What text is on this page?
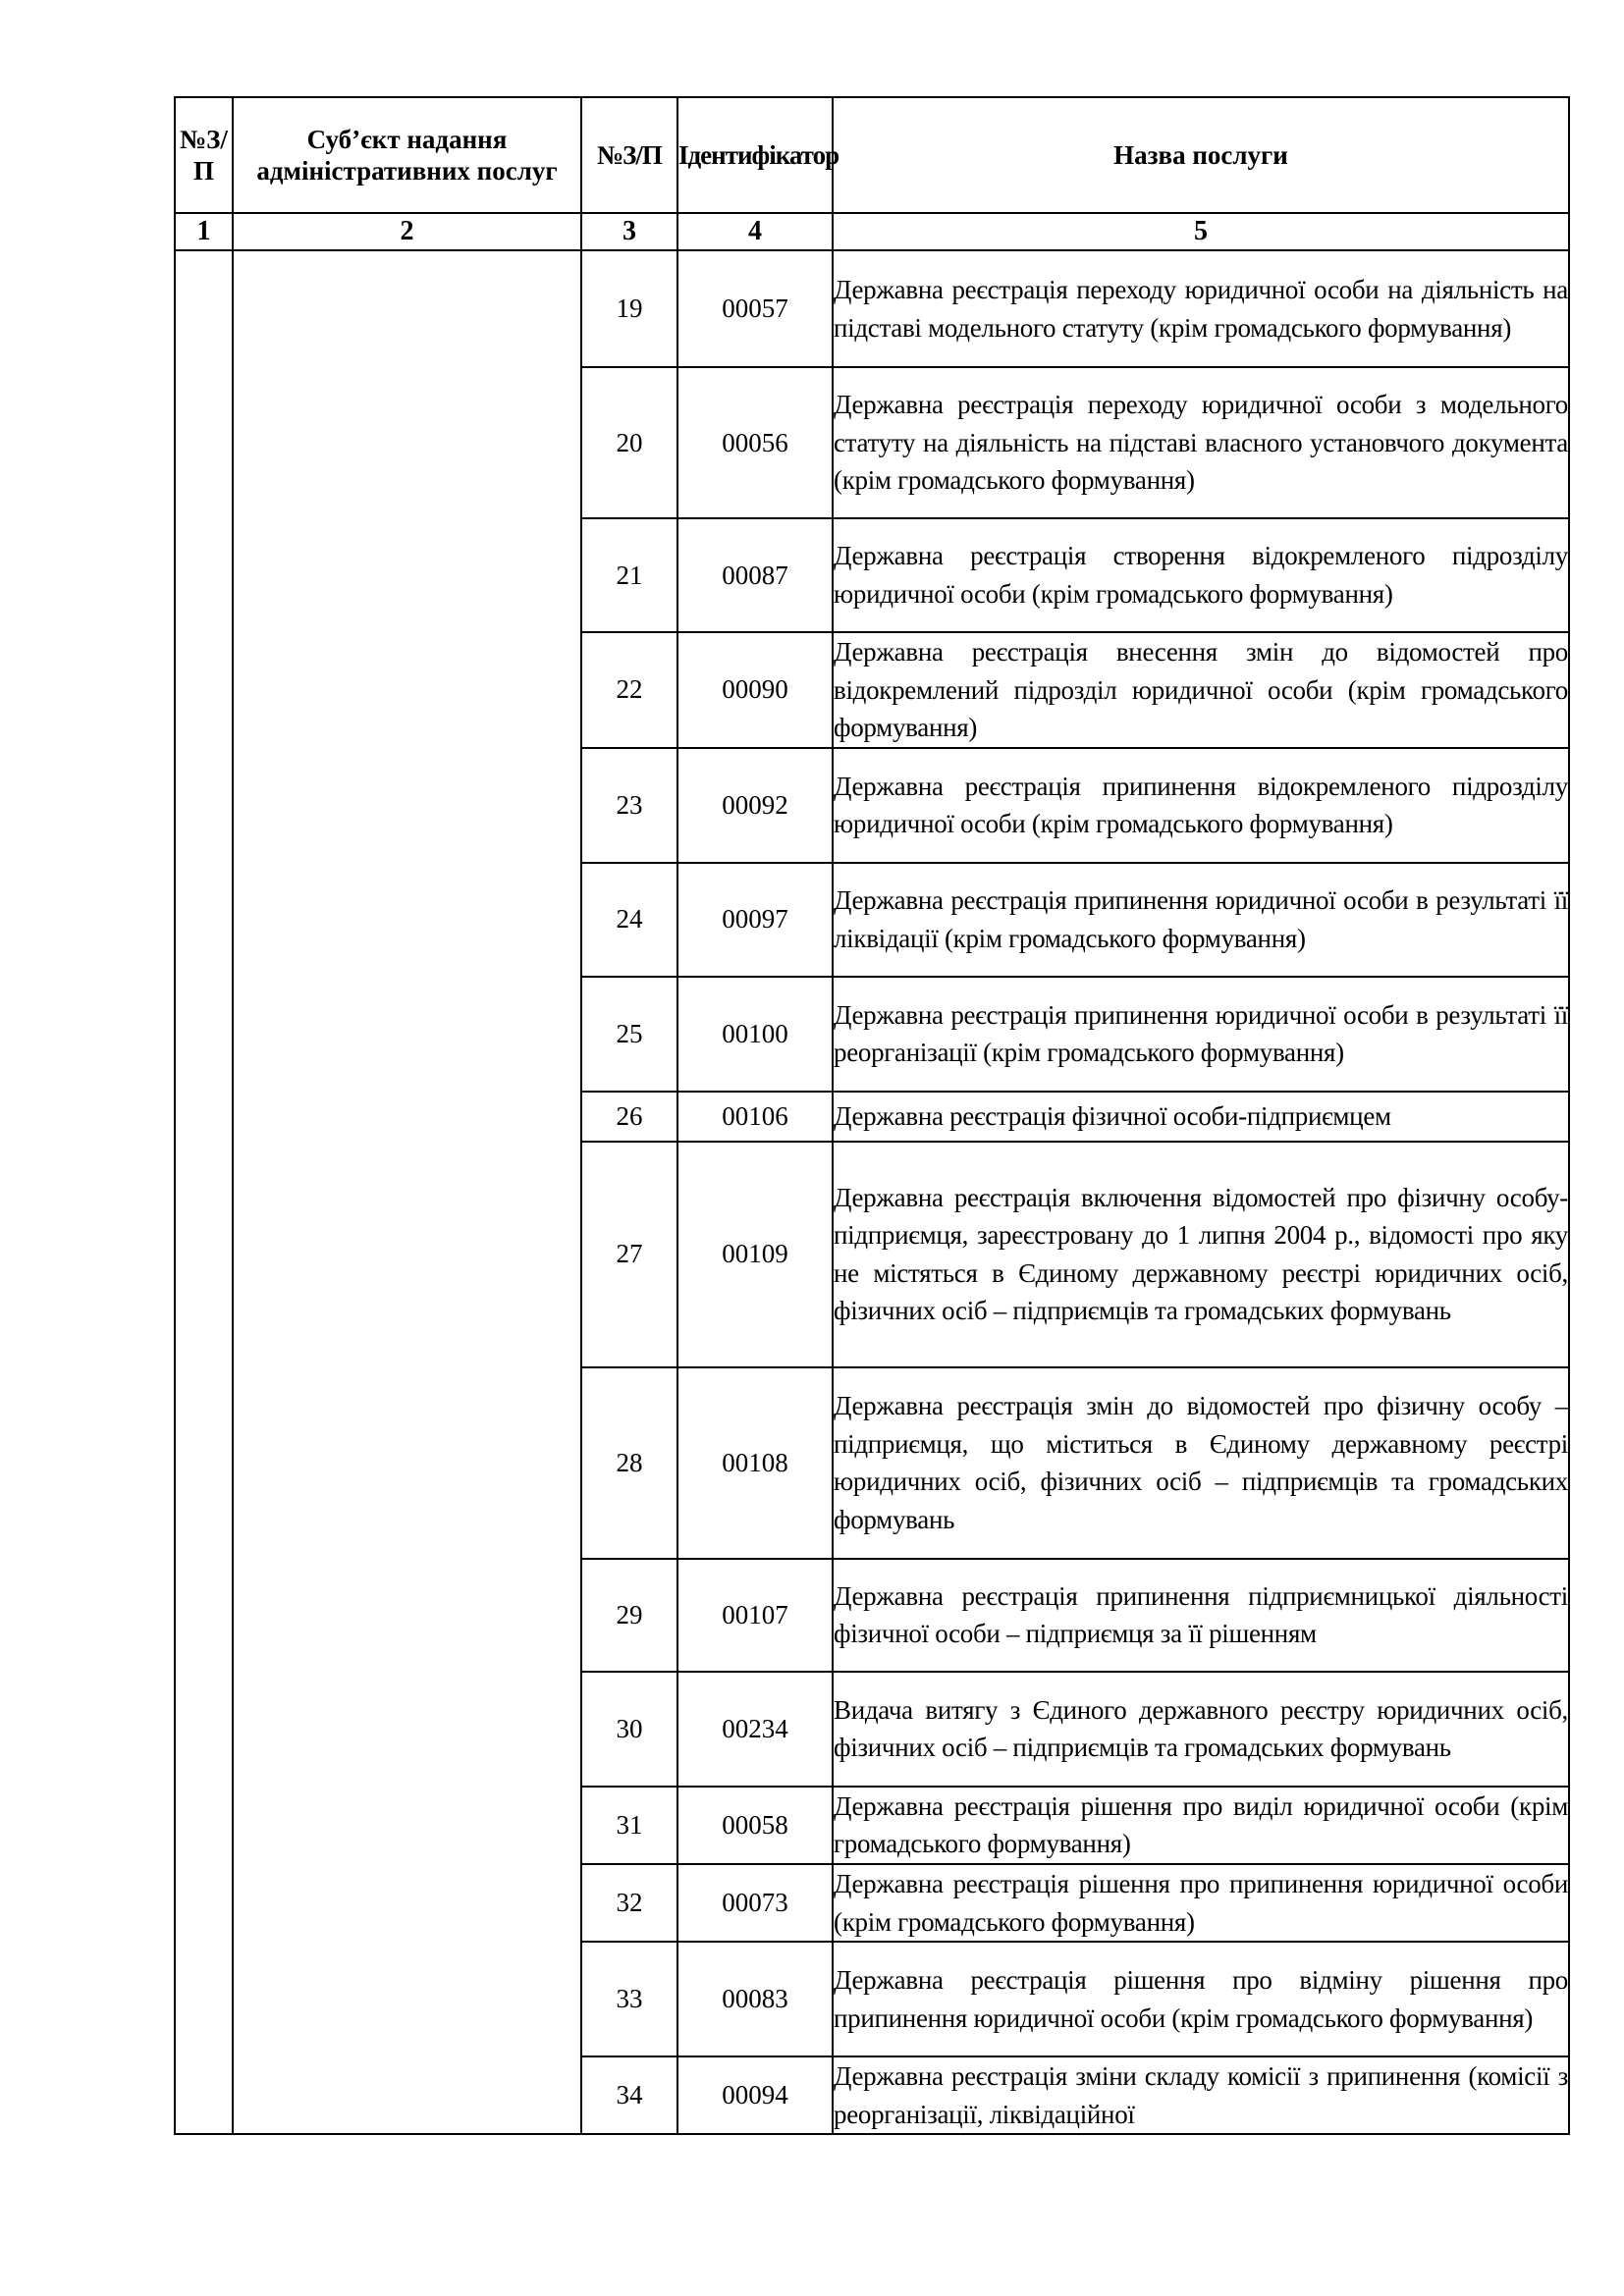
№З/П	Суб’єкт надання адміністративних послуг	№З/П	Ідентифікатор	Назва послуги
1	2	3	4	5
		19	00057	Державна реєстрація переходу юридичної особи на діяльність на підставі модельного статуту (крім громадського формування)
		20	00056	Державна реєстрація переходу юридичної особи з модельного статуту на діяльність на підставі власного установчого документа (крім громадського формування)
		21	00087	Державна реєстрація створення відокремленого підрозділу юридичної особи (крім громадського формування)
		22	00090	Державна реєстрація внесення змін до відомостей про відокремлений підрозділ юридичної особи (крім громадського формування)
		23	00092	Державна реєстрація припинення відокремленого підрозділу юридичної особи (крім громадського формування)
		24	00097	Державна реєстрація припинення юридичної особи в результаті її ліквідації (крім громадського формування)
		25	00100	Державна реєстрація припинення юридичної особи в результаті її реорганізації (крім громадського формування)
		26	00106	Державна реєстрація фізичної особи-підприємцем
		27	00109	Державна реєстрація включення відомостей про фізичну особу-підприємця, зареєстровану до 1 липня 2004 р., відомості про яку не містяться в Єдиному державному реєстрі юридичних осіб, фізичних осіб – підприємців та громадських формувань
		28	00108	Державна реєстрація змін до відомостей про фізичну особу – підприємця, що міститься в Єдиному державному реєстрі юридичних осіб, фізичних осіб – підприємців та громадських формувань
		29	00107	Державна реєстрація припинення підприємницької діяльності фізичної особи – підприємця за її рішенням
		30	00234	Видача витягу з Єдиного державного реєстру юридичних осіб, фізичних осіб – підприємців та громадських формувань
		31	00058	Державна реєстрація рішення про виділ юридичної особи (крім громадського формування)
		32	00073	Державна реєстрація рішення про припинення юридичної особи (крім громадського формування)
		33	00083	Державна реєстрація рішення про відміну рішення про припинення юридичної особи (крім громадського формування)
		34	00094	Державна реєстрація зміни складу комісії з припинення (комісії з реорганізації, ліквідаційної
